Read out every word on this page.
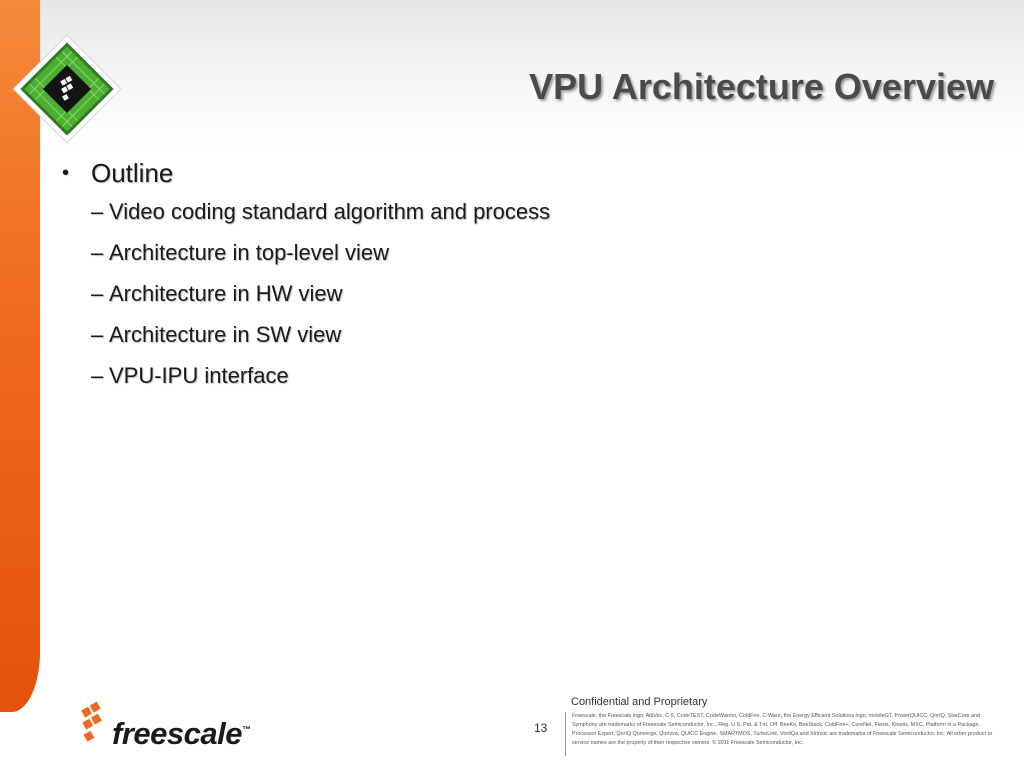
VPU Architecture Overview
• Outline
– Video coding standard algorithm and process
– Architecture in top-level view
– Architecture in HW view
– Architecture in SW view
– VPU-IPU interface
freescale™
Confidential and Proprietary
13
Freescale, the Freescale logo, AltiVec, C-5, CodeTEST, CodeWarrior, ColdFire, C-Ware, the Energy Efficient Solutions logo, mobileGT, PowerQUICC, QorIQ, StarCore and Symphony are trademarks of Freescale Semiconductor, Inc., Reg. U.S. Pat. & Tm. Off. BeeKit, BeeStack, ColdFire+, CoreNet, Flexis, Kinetis, MXC, Platform in a Package, Processor Expert, QorIQ Qonverge, Qorivva, QUICC Engine, SMARTMOS, TurboLink, VortiQa and Xtrinsic are trademarks of Freescale Semiconductor, Inc. All other product or service names are the property of their respective owners. © 2011 Freescale Semiconductor, Inc.
